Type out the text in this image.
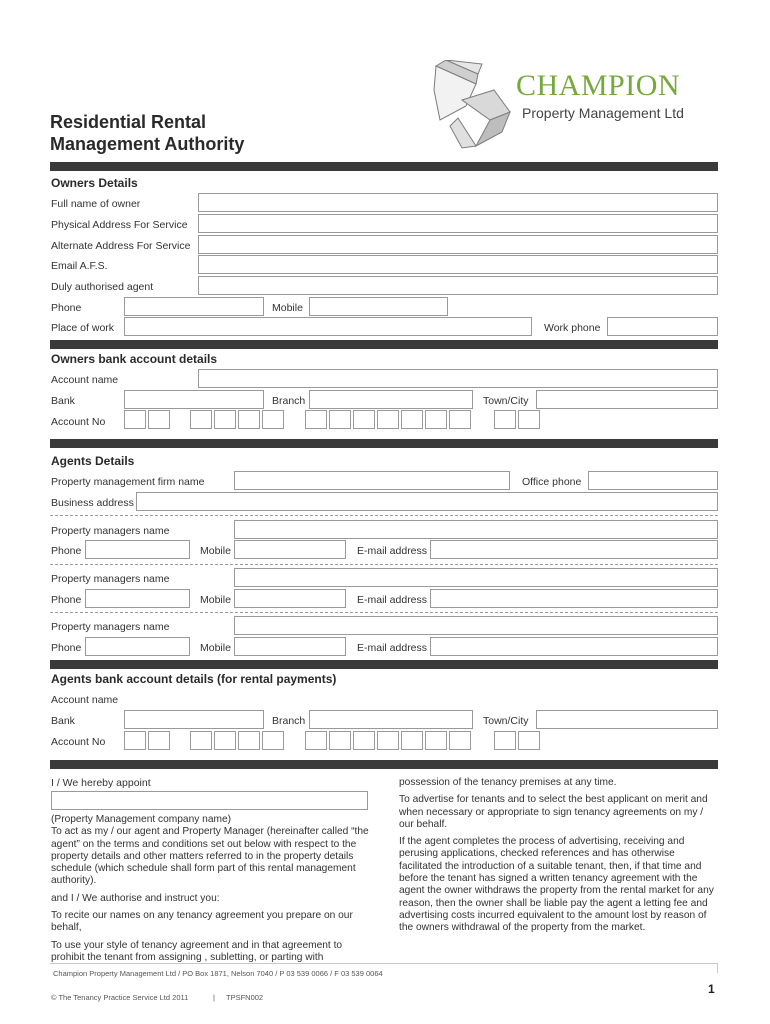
CHAMPION
Property Management Ltd
Residential Rental
Management Authority
Owners Details
Full name of owner
Physical Address For Service
Alternate Address For Service
Email A.F.S.
Duly authorised agent
Phone	Mobile
Place of work	Work phone
Owners bank account details
Account name
Bank	Branch	Town/City
Account No
Agents Details
Property management firm name	Office phone
Business address
Property managers name
Phone	Mobile	E-mail address
Property managers name
Phone	Mobile	E-mail address
Property managers name
Phone	Mobile	E-mail address
Agents bank account details (for rental payments)
Account name
Bank	Branch	Town/City
Account No
I / We hereby appoint

(Property Management company name)
To act as my / our agent and Property Manager (hereinafter called “the agent” on the terms and conditions set out below with respect to the property details and other matters referred to in the property details schedule (which schedule shall form part of this rental management authority).

and I / We authorise and instruct you:

To recite our names on any tenancy agreement you prepare on our behalf,

To use your style of tenancy agreement and in that agreement to prohibit the tenant from assigning , subletting, or parting with

possession of the tenancy premises at any time.

To advertise for tenants and to select the best applicant on merit and when necessary or appropriate to sign tenancy agreements on my / our behalf.

If the agent completes the process of advertising, receiving and perusing applications, checked references and has otherwise facilitated the introduction of a suitable tenant, then, if that time and before the tenant has signed a written tenancy agreement with the agent the owner withdraws the property from the rental market for any reason, then the owner shall be liable pay the agent a letting fee and advertising costs incurred equivalent to the amount lost by reason of the owners withdrawal of the property from the market.

Champion Property Management Ltd / PO Box 1871, Nelson 7040 / P 03 539 0066 / F 03 539 0064
© The Tenancy Practice Service Ltd 2011	| TPSFN002
1
